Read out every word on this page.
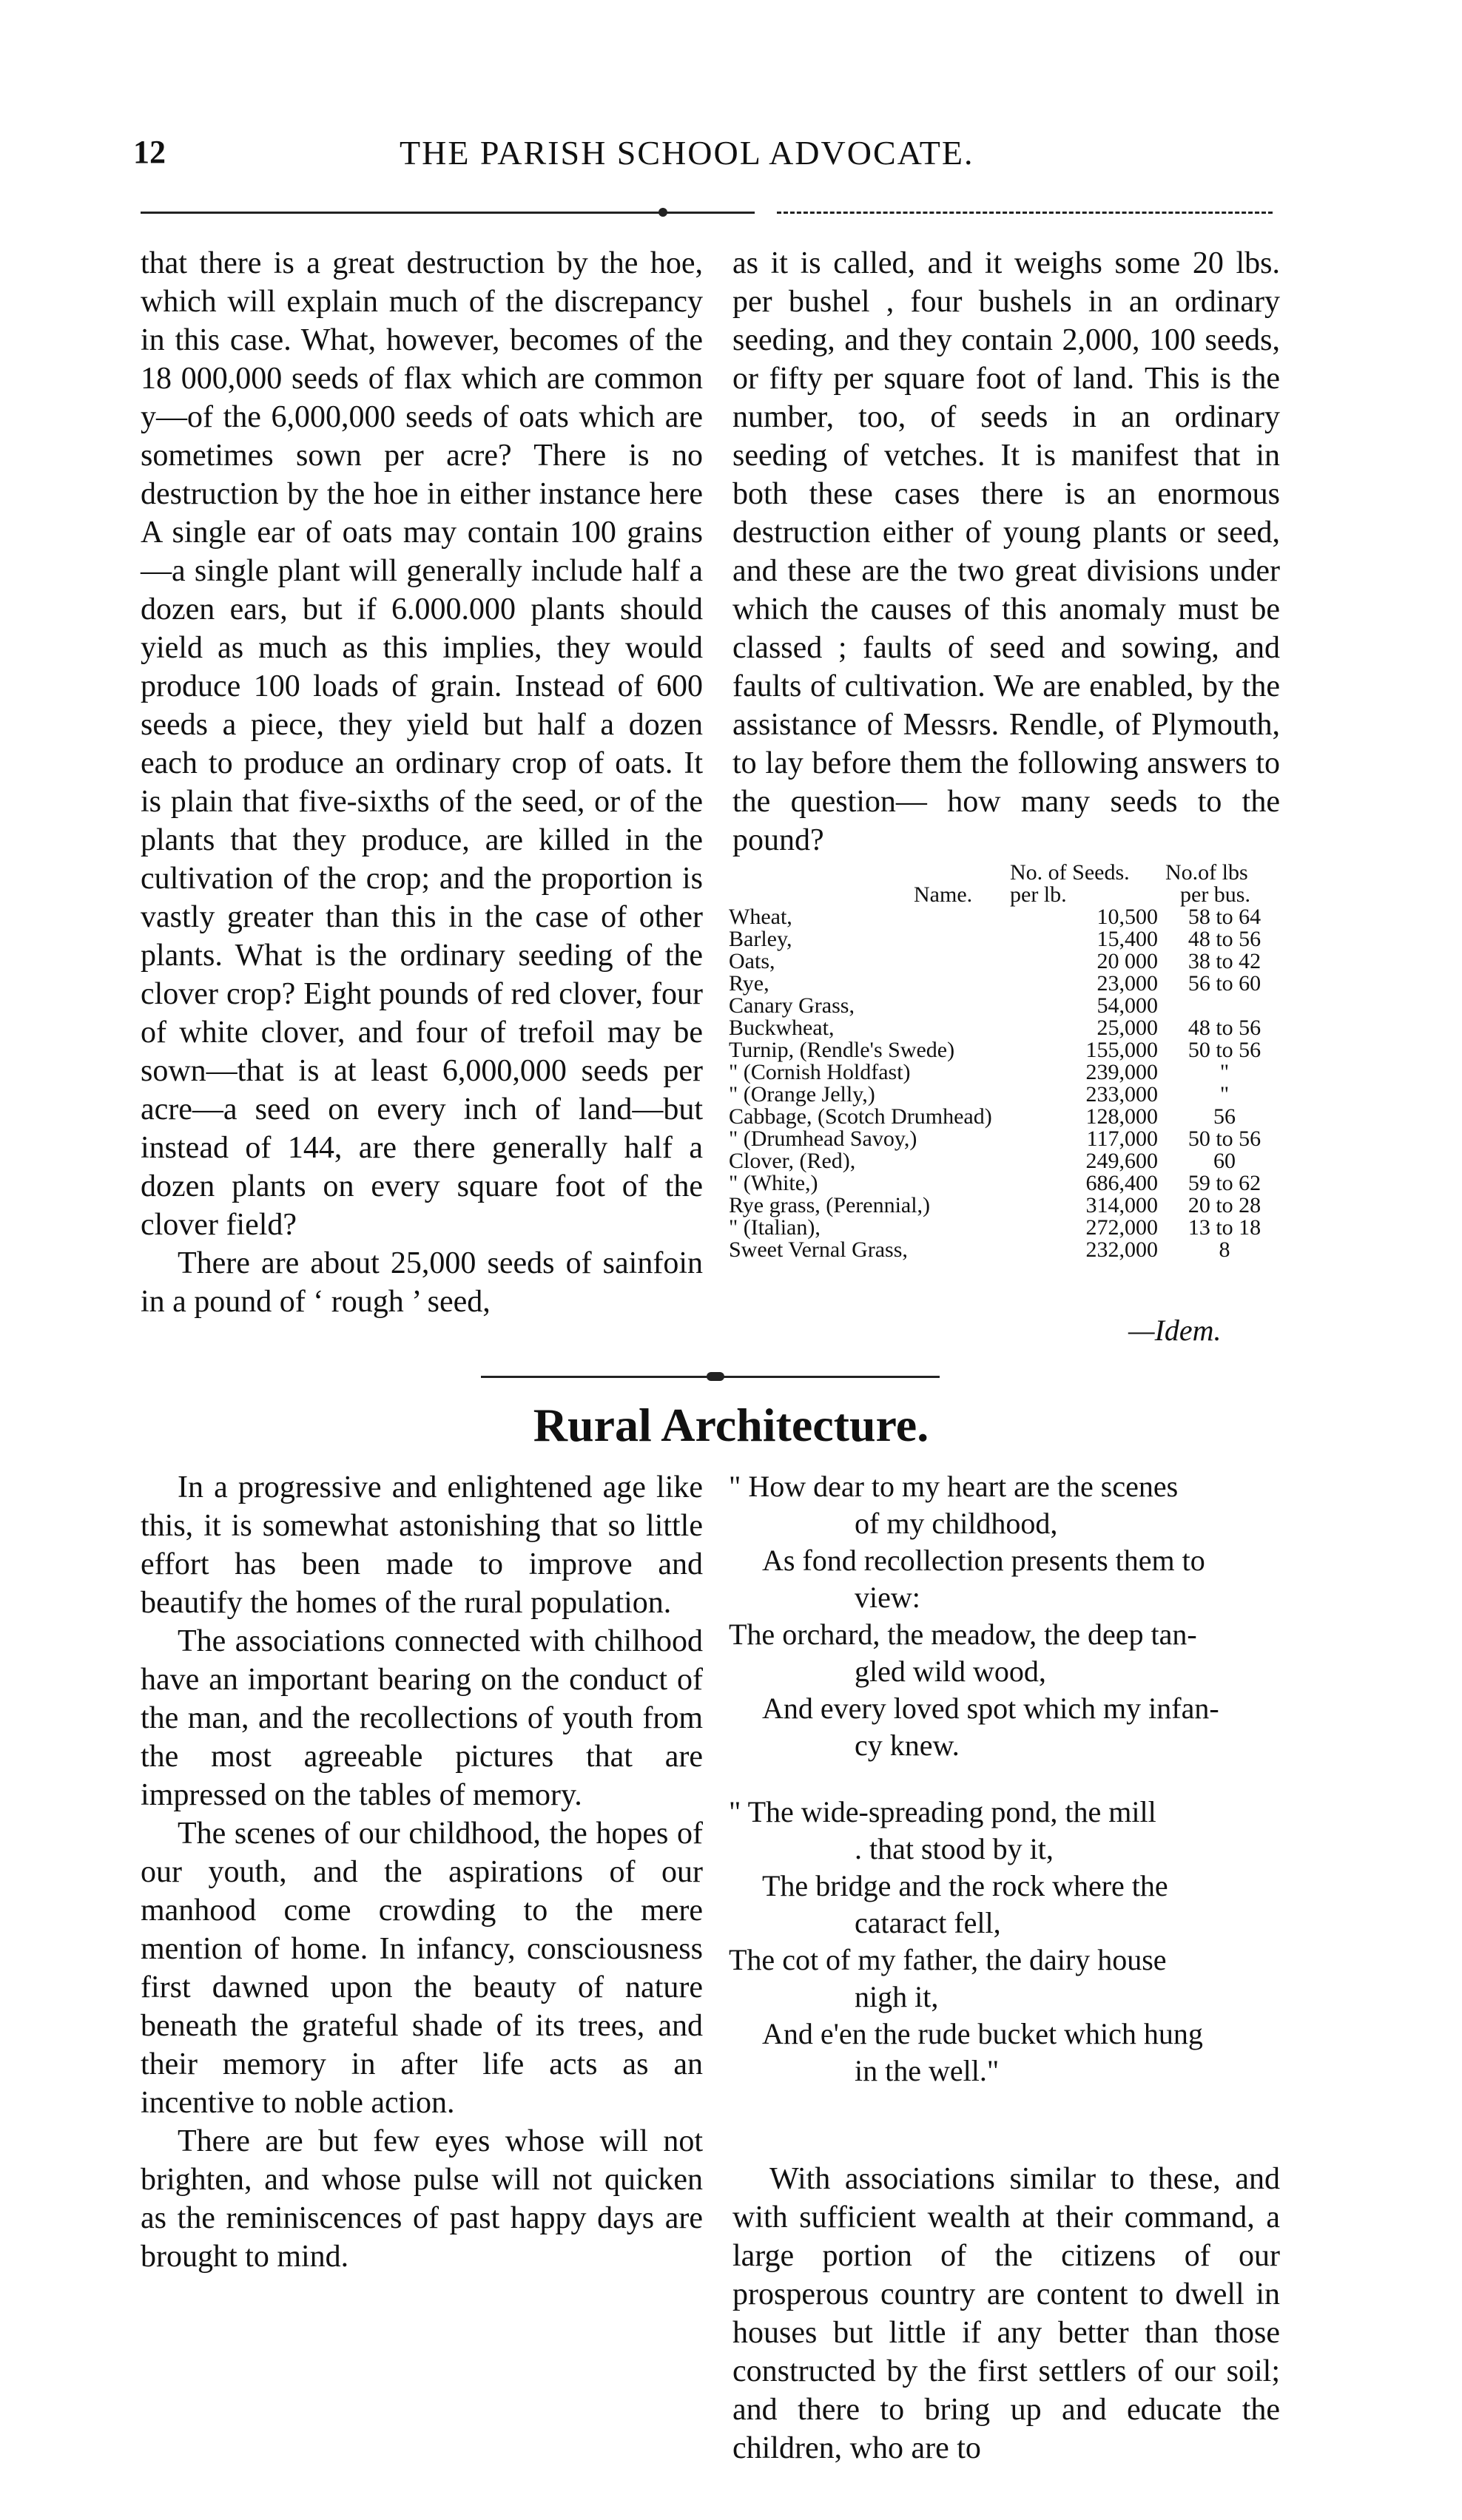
12	THE PARISH SCHOOL ADVOCATE.

that there is a great destruction by the hoe, which will explain much of the discrepancy in this case. What, however, becomes of the 18 000,000 seeds of flax which are common y—of the 6,000,000 seeds of oats which are sometimes sown per acre? There is no destruction by the hoe in either instance here A single ear of oats may contain 100 grains—a single plant will generally include half a dozen ears, but if 6.000.000 plants should yield as much as this implies, they would produce 100 loads of grain. Instead of 600 seeds a piece, they yield but half a dozen each to produce an ordinary crop of oats. It is plain that five-sixths of the seed, or of the plants that they produce, are killed in the cultivation of the crop; and the proportion is vastly greater than this in the case of other plants. What is the ordinary seeding of the clover crop? Eight pounds of red clover, four of white clover, and four of trefoil may be sown—that is at least 6,000,000 seeds per acre—a seed on every inch of land—but instead of 144, are there generally half a dozen plants on every square foot of the clover field?

There are about 25,000 seeds of sainfoin in a pound of ‘ rough ’ seed,

as it is called, and it weighs some 20 lbs. per bushel , four bushels in an ordinary seeding, and they contain 2,000, 100 seeds, or fifty per square foot of land. This is the number, too, of seeds in an ordinary seeding of vetches. It is manifest that in both these cases there is an enormous destruction either of young plants or seed, and these are the two great divisions under which the causes of this anomaly must be classed ; faults of seed and sowing, and faults of cultivation. We are enabled, by the assistance of Messrs. Rendle, of Plymouth, to lay before them the following answers to the question— how many seeds to the pound?

Name.
No. of Seeds.
per lb.
No.of lbs
per bus.
Wheat,	10,500	58 to 64
Barley,	15,400	48 to 56
Oats,	20 000	38 to 42
Rye,	23,000	56 to 60
Canary Grass,	54,000
Buckwheat,	25,000	48 to 56
Turnip, (Rendle's Swede)	155,000	50 to 56
" (Cornish Holdfast)	239,000	"
" (Orange Jelly,)	233,000	"
Cabbage, (Scotch Drumhead)	128,000	56
" (Drumhead Savoy,)	117,000	50 to 56
Clover, (Red),	249,600	60
" (White,)	686,400	59 to 62
Rye grass, (Perennial,)	314,000	20 to 28
" (Italian),	272,000	13 to 18
Sweet Vernal Grass,	232,000	8
—Idem.
Rural Architecture.

In a progressive and enlightened age like this, it is somewhat astonishing that so little effort has been made to improve and beautify the homes of the rural population.

The associations connected with chilhood have an important bearing on the conduct of the man, and the recollections of youth from the most agreeable pictures that are impressed on the tables of memory.

The scenes of our childhood, the hopes of our youth, and the aspirations of our manhood come crowding to the mere mention of home. In infancy, consciousness first dawned upon the beauty of nature beneath the grateful shade of its trees, and their memory in after life acts as an incentive to noble action.

There are but few eyes whose will not brighten, and whose pulse will not quicken as the reminiscences of past happy days are brought to mind.

" How dear to my heart are the scenes

of my childhood,

As fond recollection presents them to

view:

The orchard, the meadow, the deep tan-

gled wild wood,

And every loved spot which my infan-

cy knew.

" The wide-spreading pond, the mill

. that stood by it,

The bridge and the rock where the

cataract fell,

The cot of my father, the dairy house

nigh it,

And e'en the rude bucket which hung

in the well."

With associations similar to these, and with sufficient wealth at their command, a large portion of the citizens of our prosperous country are content to dwell in houses but little if any better than those constructed by the first settlers of our soil; and there to bring up and educate the children, who are to
